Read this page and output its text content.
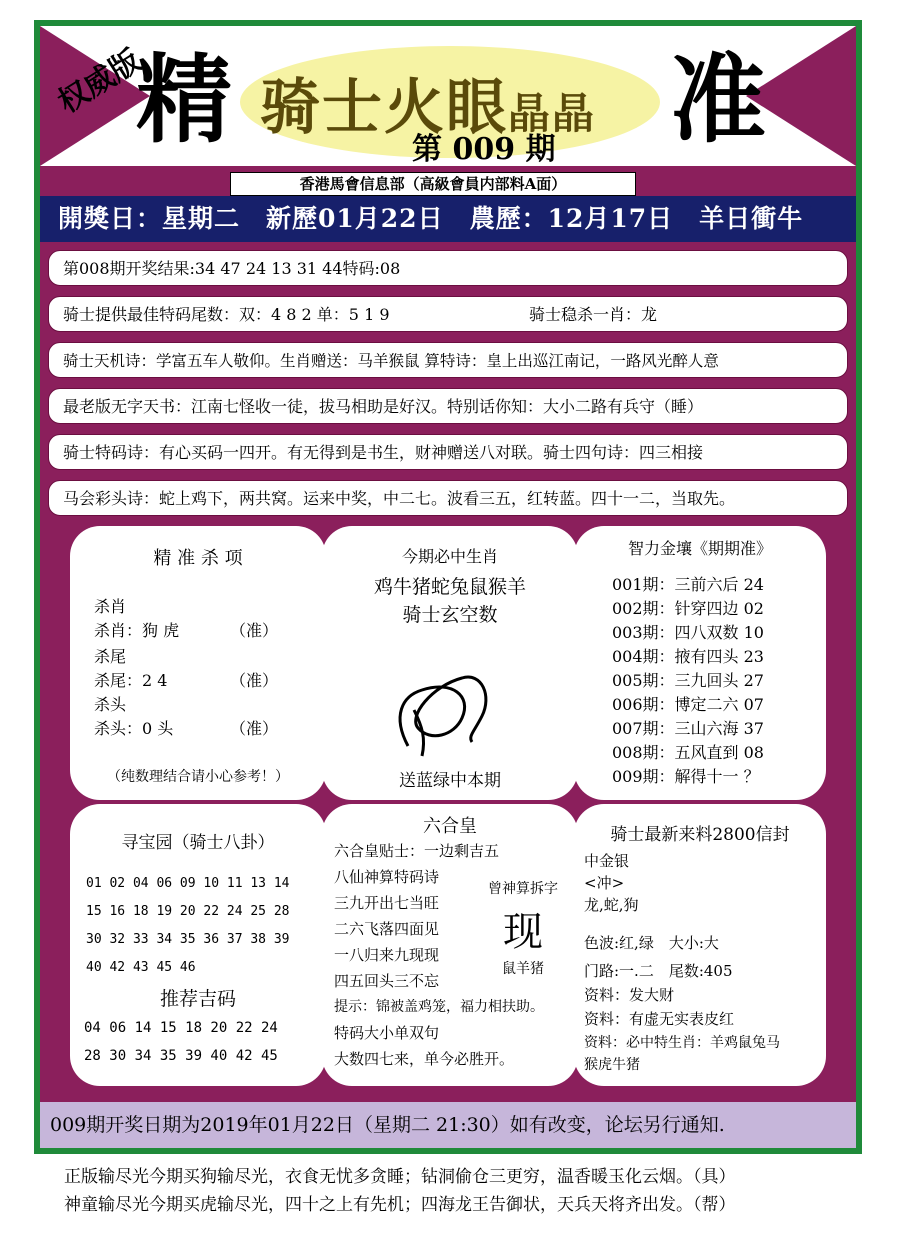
权威版
精 骑士火眼晶晶
第 009 期 准
香港馬會信息部（高級會員内部料A面）
開獎日：星期二　新歷01月22日　農歷：12月17日　羊日衝牛
第008期开奖结果:34 47 24 13 31 44特码:08
骑士提供最佳特码尾数：双：4 8 2 单：5 1 9	骑士稳杀一肖：龙
骑士天机诗：学富五车人敬仰。生肖赠送：马羊猴鼠 算特诗：皇上出巡江南记，一路风光醉人意
最老版无字天书：江南七怪收一徒，拔马相助是好汉。特别话你知：大小二路有兵守（睡）
骑士特码诗：有心买码一四开。有无得到是书生，财神赠送八对联。骑士四句诗：四三相接
马会彩头诗：蛇上鸡下，两共窝。运来中奖，中二七。波看三五，红转蓝。四十一二，当取先。
精 准 杀 项
杀肖
杀肖：狗 虎	（准）
杀尾
杀尾：2 4	（准）
杀头
杀头：0 头	（准）
（纯数理结合请小心参考！）
今期必中生肖
鸡牛猪蛇兔鼠猴羊
骑士玄空数
送蓝绿中本期
智力金壤《期期准》
001期：三前六后 24
002期：针穿四边 02
003期：四八双数 10
004期：掖有四头 23
005期：三九回头 27
006期：博定二六 07
007期：三山六海 37
008期：五风直到 08
009期：解得十一 ？
寻宝园（骑士八卦）
01 02 04 06 09 10 11 13 14
15 16 18 19 20 22 24 25 28
30 32 33 34 35 36 37 38 39
40 42 43 45 46
推荐吉码
04 06 14 15 18 20 22 24
28 30 34 35 39 40 42 45
六合皇
六合皇贴士：一边剩吉五
八仙神算特码诗
三九开出七当旺
二六飞落四面见
一八归来九现现
四五回头三不忘
提示：锦被盖鸡笼，福力相扶助。
特码大小单双句
大数四七来，单今必胜开。
曾神算拆字
现
鼠羊猪
骑士最新来料2800信封
中金银
<冲>
龙,蛇,狗
色波:红,绿　大小:大
门路:一.二　尾数:405
资料：发大财
资料：有虚无实表皮红
资料：必中特生肖：羊鸡鼠兔马
猴虎牛猪
009期开奖日期为2019年01月22日（星期二 21:30）如有改变，论坛另行通知.
正版输尽光今期买狗输尽光，衣食无忧多贪睡；钻洞偷仓三更穷，温香暖玉化云烟。（具）
神童输尽光今期买虎输尽光，四十之上有先机；四海龙王告御状，天兵天将齐出发。（帮）
